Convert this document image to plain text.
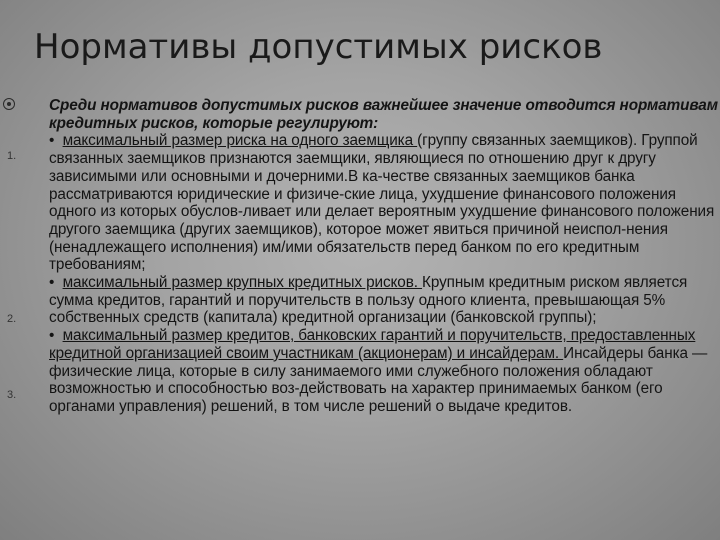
Нормативы допустимых рисков
1.
2.
3.
Среди нормативов допустимых рисков важнейшее значение отводится нормативам кредитных рисков, которые регулируют:
• максимальный размер риска на одного заемщика (группу связанных заемщиков). Группой связанных заемщиков признаются заемщики, являющиеся по отношению друг к другу зависимыми или основными и дочерними.В ка-честве связанных заемщиков банка рассматриваются юридические и физиче-ские лица, ухудшение финансового положения одного из которых обуслов-ливает или делает вероятным ухудшение финансового положения другого заемщика (других заемщиков), которое может явиться причиной неиспол-нения (ненадлежащего исполнения) им/ими обязательств перед банком по его кредитным требованиям;
• максимальный размер крупных кредитных рисков. Крупным кредитным риском являетcя сумма кредитов, гарантий и поручительств в пользу одного клиента, превышающая 5% собственных средств (капитала) кредитной организации (банковской группы);
• максимальный размер кредитов, банковских гарантий и поручительств, предоставленных кредитной организацией своим участникам (акционерам) и инсайдерам. Инсайдеры банка — физические лица, которые в силу занимаемого ими служебного положения обладают возможностью и способностью воз-действовать на характер принимаемых банком (его органами управления) решений, в том числе решений о выдаче кредитов.
